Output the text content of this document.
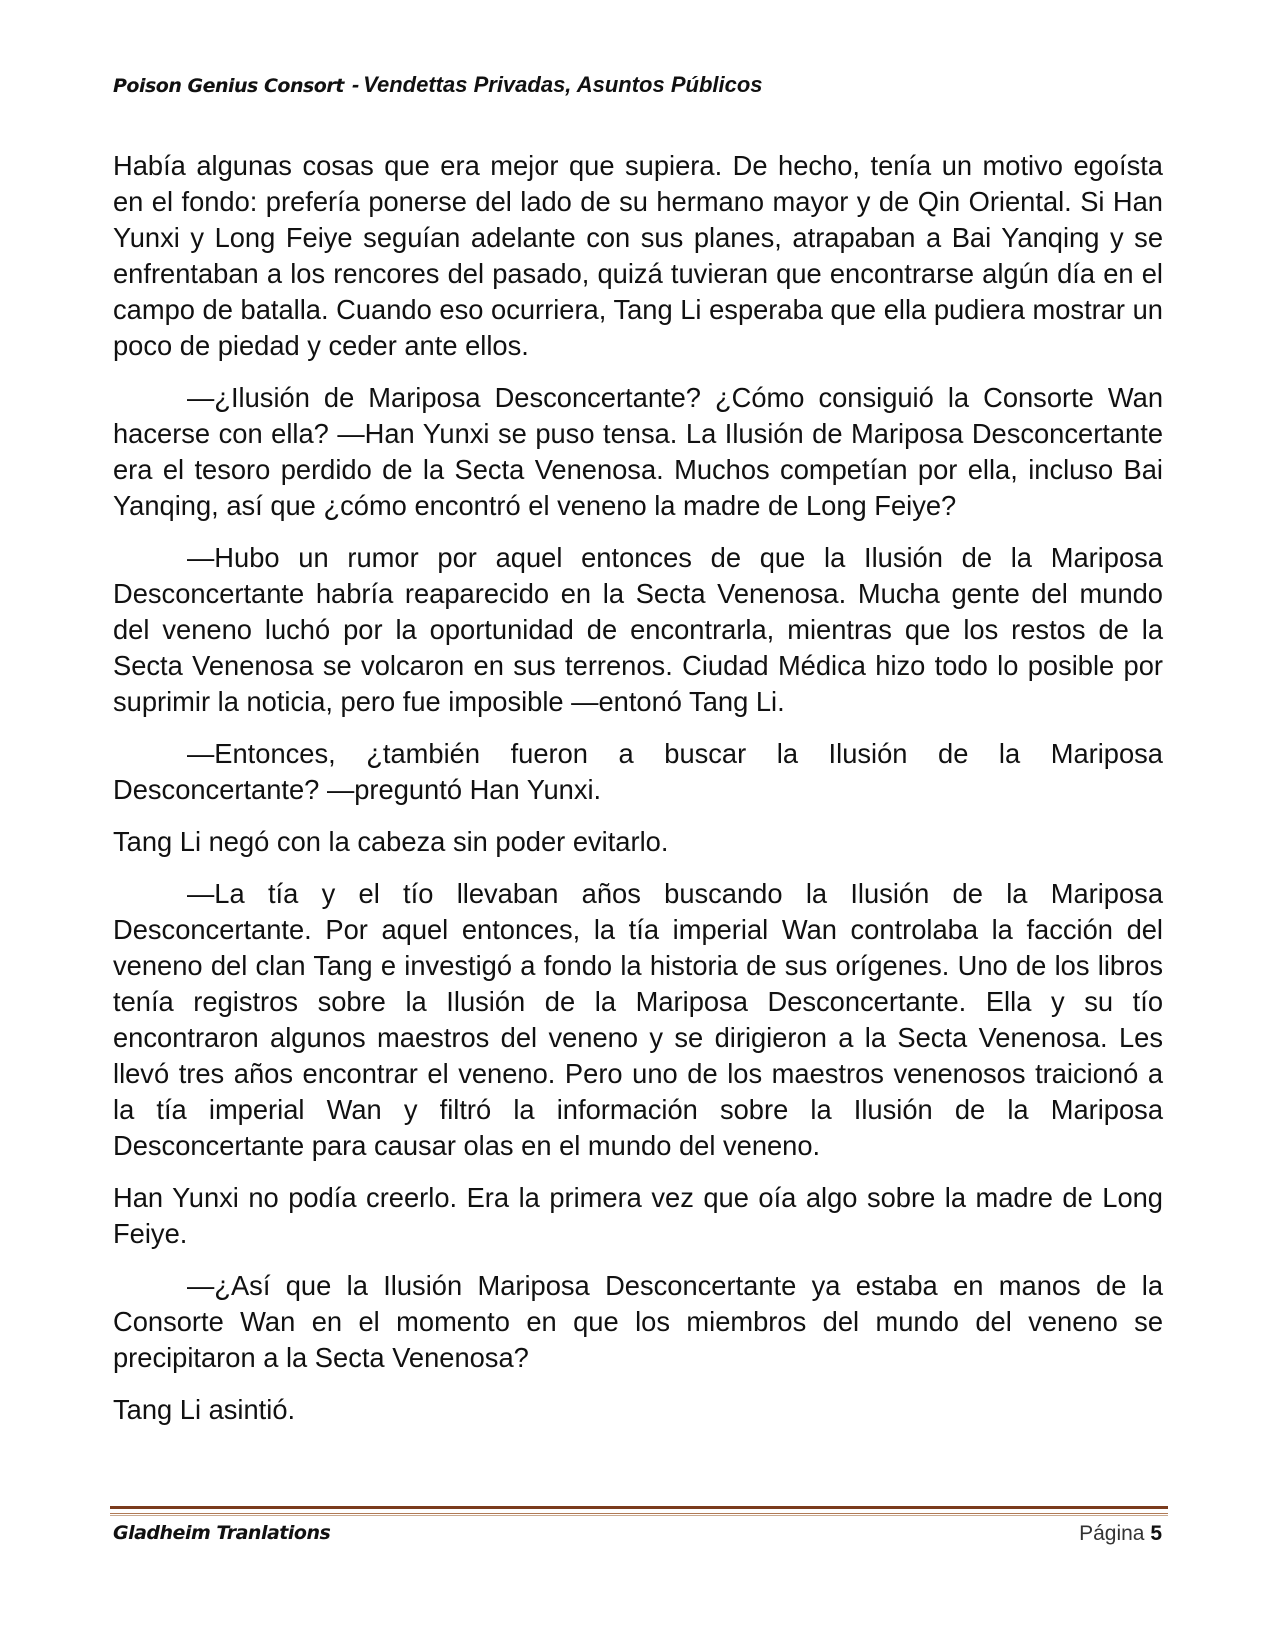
Poison Genius Consort - Vendettas Privadas, Asuntos Públicos

Había algunas cosas que era mejor que supiera. De hecho, tenía un motivo egoísta en el fondo: prefería ponerse del lado de su hermano mayor y de Qin Oriental. Si Han Yunxi y Long Feiye seguían adelante con sus planes, atrapaban a Bai Yanqing y se enfrentaban a los rencores del pasado, quizá tuvieran que encontrarse algún día en el campo de batalla. Cuando eso ocurriera, Tang Li esperaba que ella pudiera mostrar un poco de piedad y ceder ante ellos.

—¿Ilusión de Mariposa Desconcertante? ¿Cómo consiguió la Consorte Wan hacerse con ella? —Han Yunxi se puso tensa. La Ilusión de Mariposa Desconcertante era el tesoro perdido de la Secta Venenosa. Muchos competían por ella, incluso Bai Yanqing, así que ¿cómo encontró el veneno la madre de Long Feiye?

—Hubo un rumor por aquel entonces de que la Ilusión de la Mariposa Desconcertante habría reaparecido en la Secta Venenosa. Mucha gente del mundo del veneno luchó por la oportunidad de encontrarla, mientras que los restos de la Secta Venenosa se volcaron en sus terrenos. Ciudad Médica hizo todo lo posible por suprimir la noticia, pero fue imposible —entonó Tang Li.

—Entonces, ¿también fueron a buscar la Ilusión de la Mariposa Desconcertante? —preguntó Han Yunxi.

Tang Li negó con la cabeza sin poder evitarlo.

—La tía y el tío llevaban años buscando la Ilusión de la Mariposa Desconcertante. Por aquel entonces, la tía imperial Wan controlaba la facción del veneno del clan Tang e investigó a fondo la historia de sus orígenes. Uno de los libros tenía registros sobre la Ilusión de la Mariposa Desconcertante. Ella y su tío encontraron algunos maestros del veneno y se dirigieron a la Secta Venenosa. Les llevó tres años encontrar el veneno. Pero uno de los maestros venenosos traicionó a la tía imperial Wan y filtró la información sobre la Ilusión de la Mariposa Desconcertante para causar olas en el mundo del veneno.

Han Yunxi no podía creerlo. Era la primera vez que oía algo sobre la madre de Long Feiye.

—¿Así que la Ilusión Mariposa Desconcertante ya estaba en manos de la Consorte Wan en el momento en que los miembros del mundo del veneno se precipitaron a la Secta Venenosa?

Tang Li asintió.

Gladheim Tranlations	Página 5
